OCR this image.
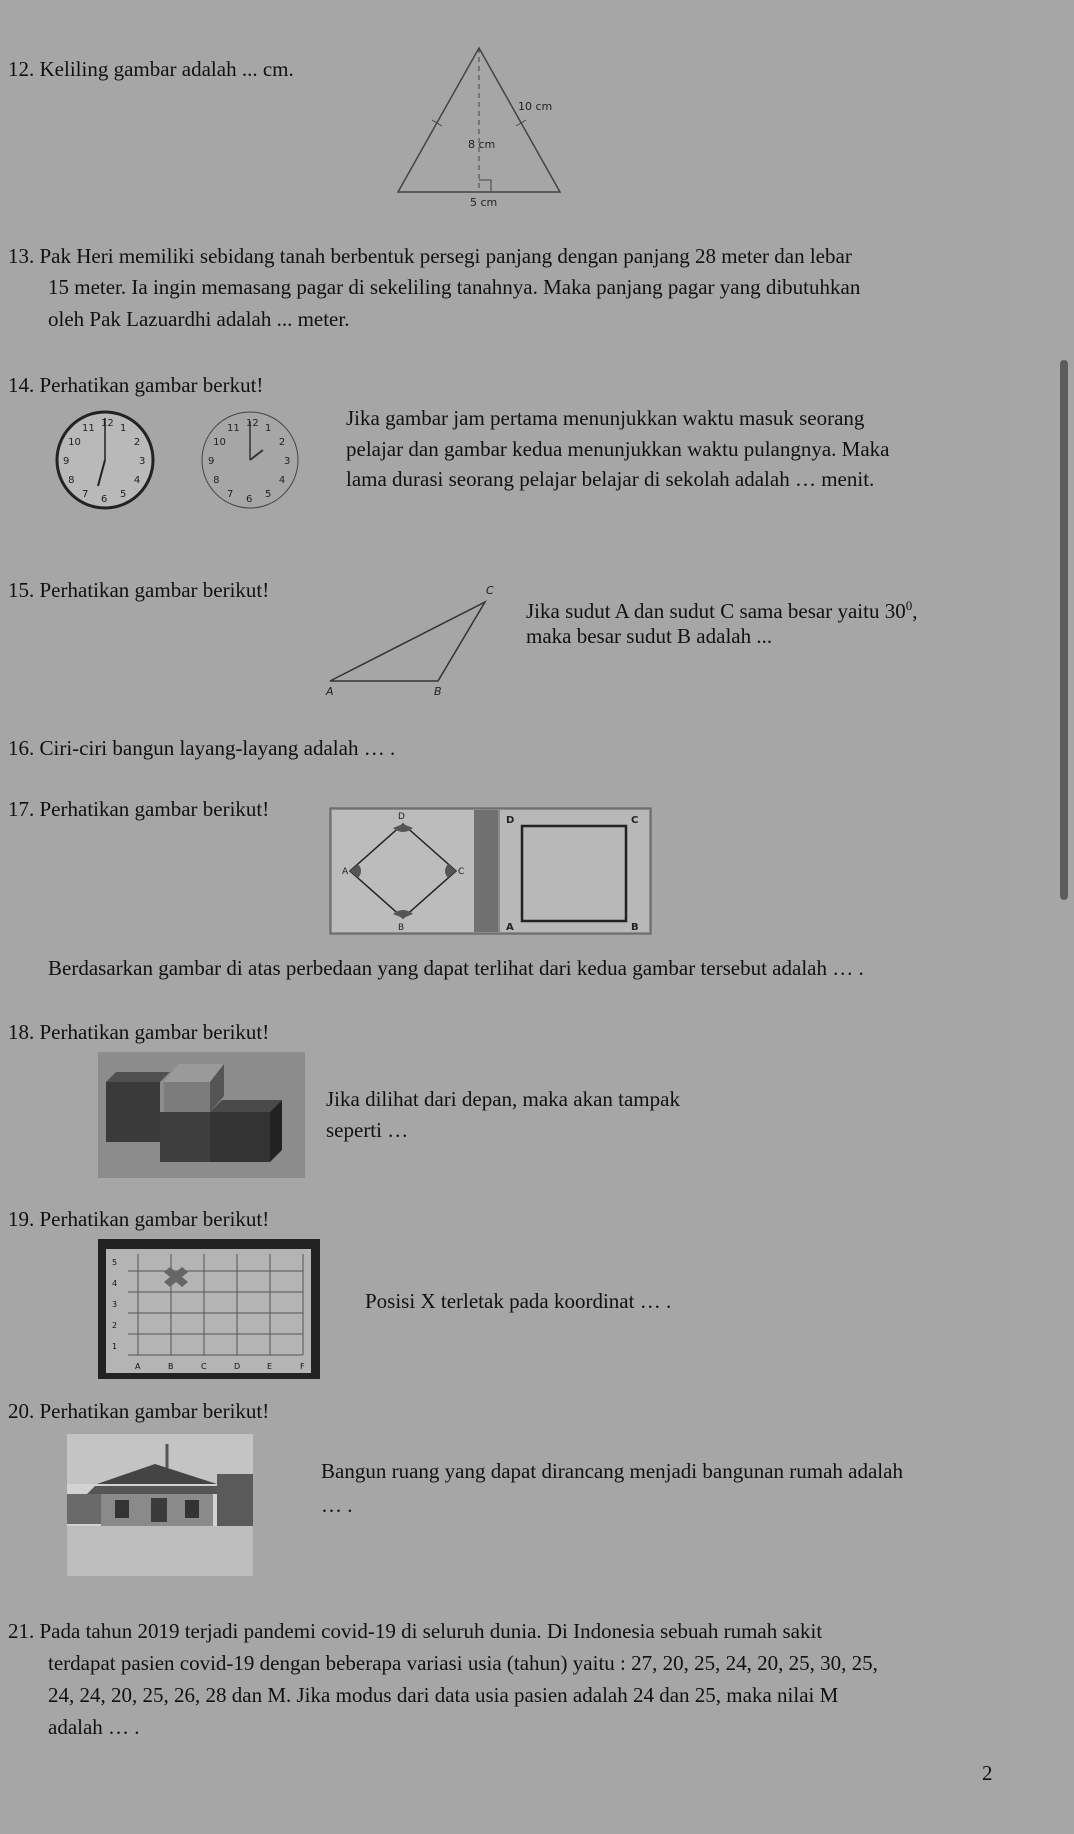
12. Keliling gambar adalah ... cm.
10 cm
8 cm
5 cm
13. Pak Heri memiliki sebidang tanah berbentuk persegi panjang dengan panjang 28 meter dan lebar
15 meter. Ia ingin memasang pagar di sekeliling tanahnya. Maka panjang pagar yang dibutuhkan
oleh Pak Lazuardhi adalah ... meter.
14. Perhatikan gambar berkut!
12 1
2
3
4
5
6
7
8
9
10
11	12 1
2
3
4
5
6
7
8
9
10
11	Jika gambar jam pertama menunjukkan waktu masuk seorang
pelajar dan gambar kedua menunjukkan waktu pulangnya. Maka
lama durasi seorang pelajar belajar di sekolah adalah … menit.
15. Perhatikan gambar berikut!	C
A	B
Jika sudut A dan sudut C sama besar yaitu $30^0$,
maka besar sudut B adalah ...
16. Ciri-ciri bangun layang-layang adalah … .
17. Perhatikan gambar berikut!	D
A	C
B
D	C
A	B
Berdasarkan gambar di atas perbedaan yang dapat terlihat dari kedua gambar tersebut adalah … .
18. Perhatikan gambar berikut!
Jika dilihat dari depan, maka akan tampak
seperti …
19. Perhatikan gambar berikut!
A	B	C	D	E	F
1
2
3
4
5
Posisi X terletak pada koordinat … .
20. Perhatikan gambar berikut!
Bangun ruang yang dapat dirancang menjadi bangunan rumah adalah
… .
21. Pada tahun 2019 terjadi pandemi covid-19 di seluruh dunia. Di Indonesia sebuah rumah sakit
terdapat pasien covid-19 dengan beberapa variasi usia (tahun) yaitu : 27, 20, 25, 24, 20, 25, 30, 25,
24, 24, 20, 25, 26, 28 dan M. Jika modus dari data usia pasien adalah 24 dan 25, maka nilai M
adalah … .
2
